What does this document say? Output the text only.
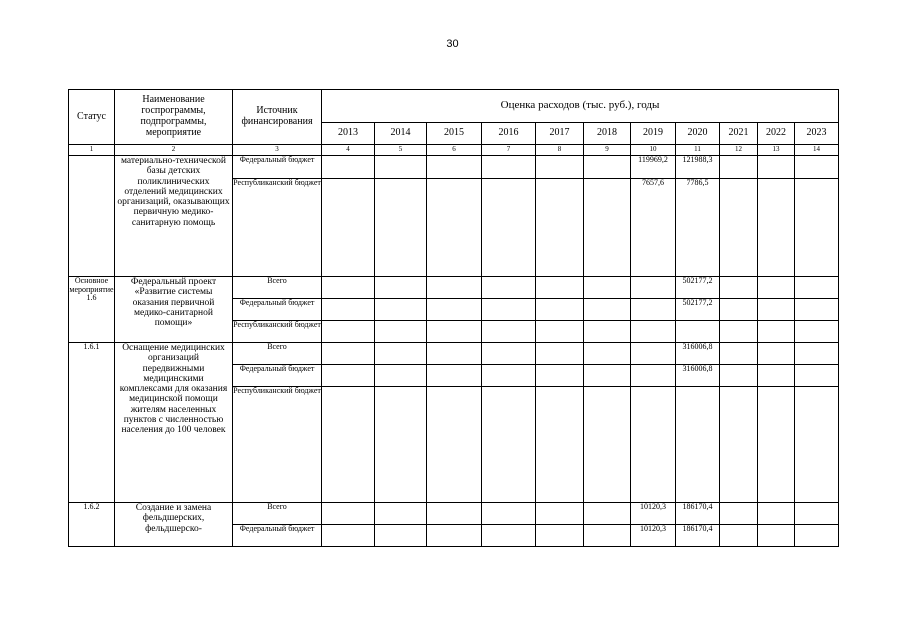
30
Статус	Наименование госпрограммы, подпрограммы, мероприятие	Источник финансирования	Оценка расходов (тыс. руб.), годы										
			2013	2014	2015	2016	2017	2018	2019	2020	2021	2022	2023
1	2	3	4	5	6	7	8	9	10	11	12	13	14
	материально-технической базы детских поликлинических отделений медицинских организаций, оказывающих первичную медико-санитарную помощь	Федеральный бюджет							119969,2	121988,3			
		Республиканский бюджет							7657,6	7786,5			
Основное мероприятие 1.6	Федеральный проект «Развитие системы оказания первичной медико-санитарной помощи»	Всего								502177,2			
		Федеральный бюджет								502177,2			
		Республиканский бюджет											
1.6.1	Оснащение медицинских организаций передвижными медицинскими комплексами для оказания медицинской помощи жителям населенных пунктов с численностью населения до 100 человек	Всего								316006,8			
		Федеральный бюджет								316006,8			
		Республиканский бюджет											
1.6.2	Создание и замена фельдшерских, фельдшерско-	Всего							10120,3	186170,4			
		Федеральный бюджет							10120,3	186170,4			
